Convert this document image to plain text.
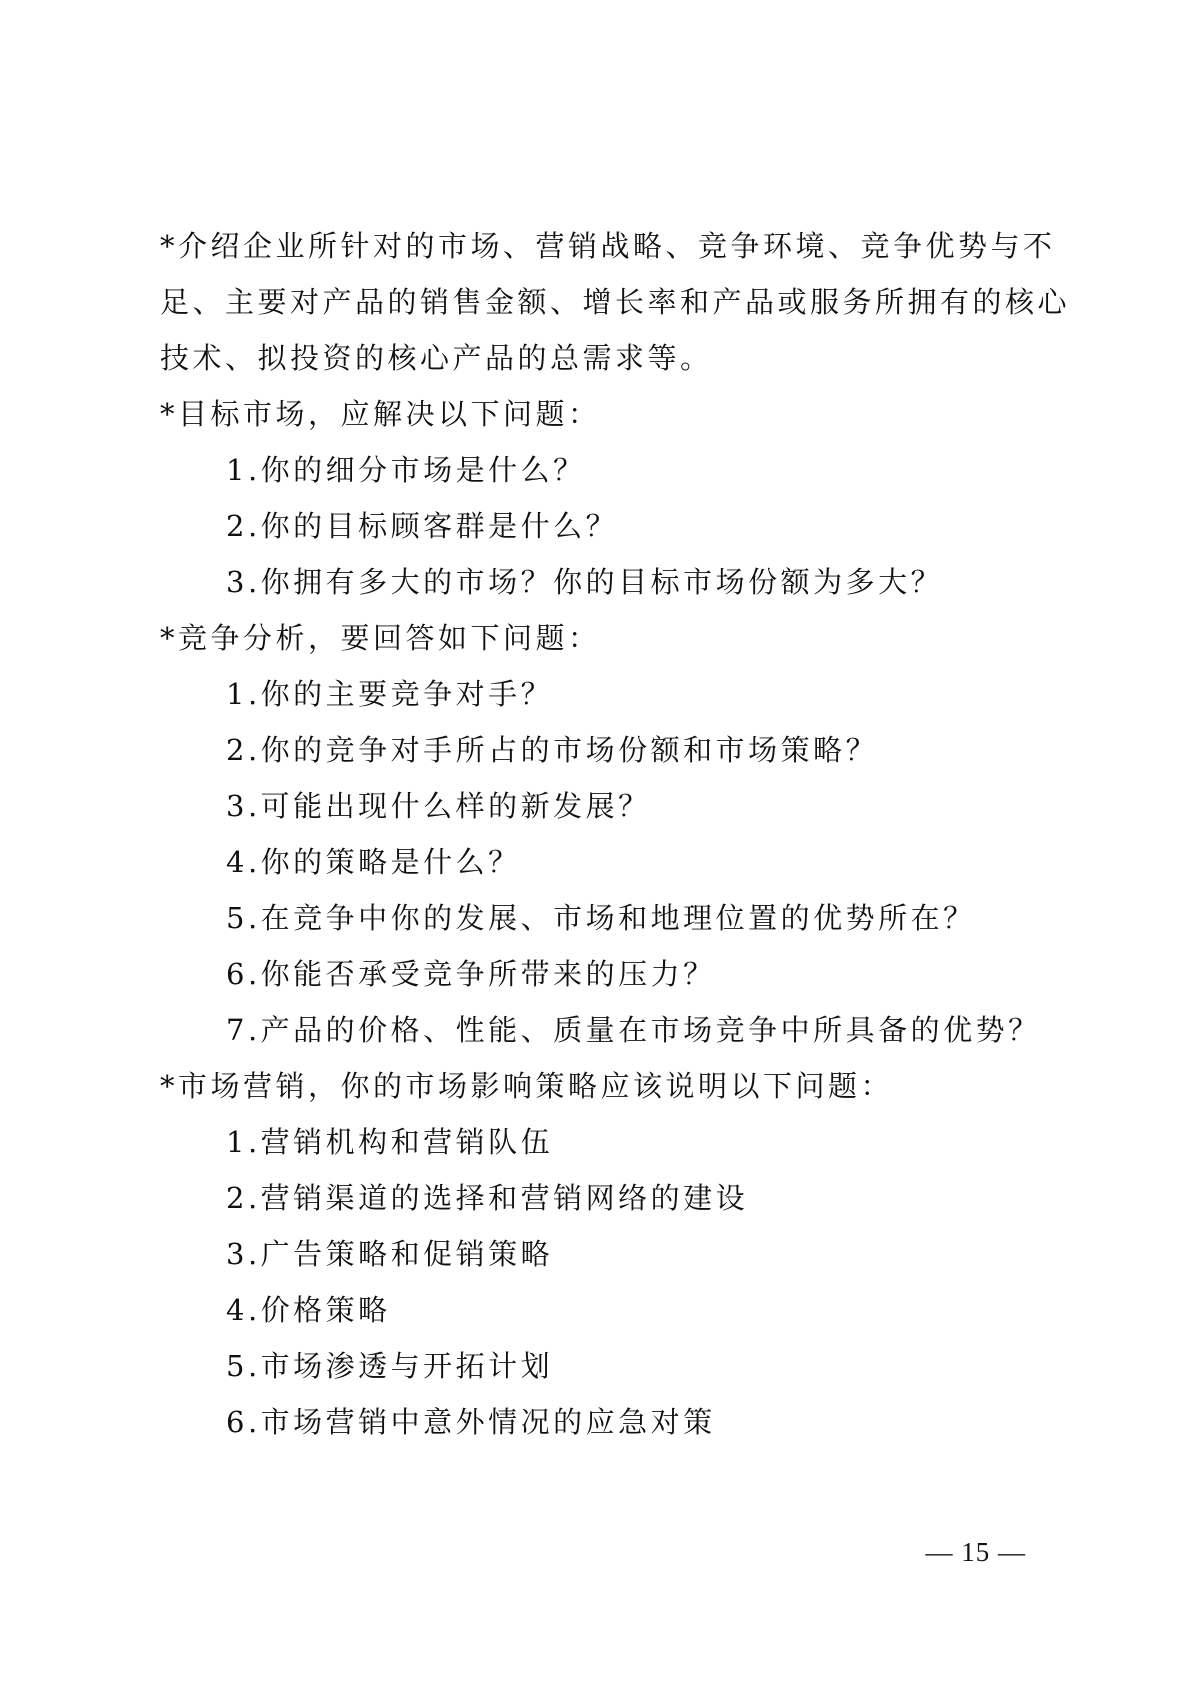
*介绍企业所针对的市场、营销战略、竞争环境、竞争优势与不
足、主要对产品的销售金额、增长率和产品或服务所拥有的核心
技术、拟投资的核心产品的总需求等。
*目标市场，应解决以下问题：
1.你的细分市场是什么？
2.你的目标顾客群是什么？
3.你拥有多大的市场？你的目标市场份额为多大？
*竞争分析，要回答如下问题：
1.你的主要竞争对手？
2.你的竞争对手所占的市场份额和市场策略？
3.可能出现什么样的新发展？
4.你的策略是什么？
5.在竞争中你的发展、市场和地理位置的优势所在？
6.你能否承受竞争所带来的压力？
7.产品的价格、性能、质量在市场竞争中所具备的优势？
*市场营销，你的市场影响策略应该说明以下问题：
1.营销机构和营销队伍
2.营销渠道的选择和营销网络的建设
3.广告策略和促销策略
4.价格策略
5.市场渗透与开拓计划
6.市场营销中意外情况的应急对策
— 15 —
